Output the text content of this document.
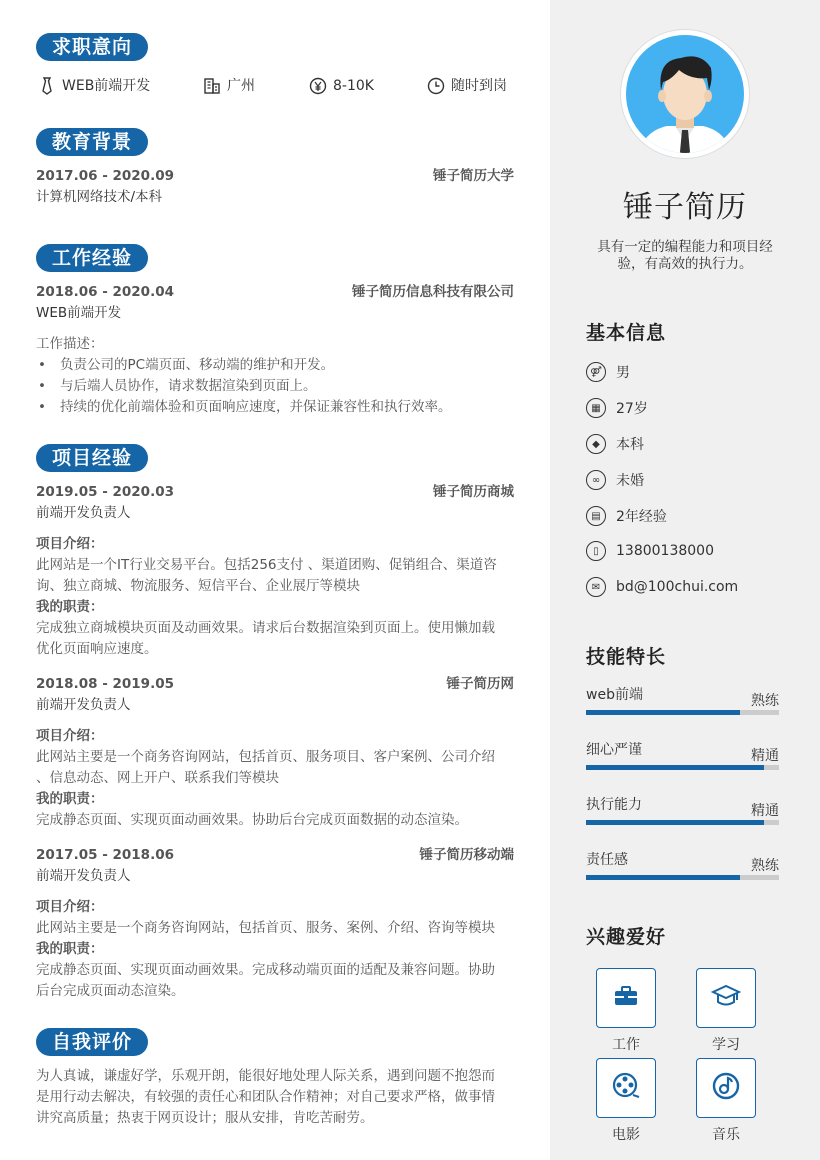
求职意向
WEB前端开发	广州	8-10K	随时到岗
教育背景
2017.06 - 2020.09	锤子简历大学
计算机网络技术/本科
工作经验
2018.06 - 2020.04	锤子简历信息科技有限公司
WEB前端开发
工作描述：
• 负责公司的PC端页面、移动端的维护和开发。
• 与后端人员协作，请求数据渲染到页面上。
• 持续的优化前端体验和页面响应速度，并保证兼容性和执行效率。
项目经验
2019.05 - 2020.03	锤子简历商城
前端开发负责人
项目介绍：
此网站是一个IT行业交易平台。包括256支付 、渠道团购、促销组合、渠道咨
询、独立商城、物流服务、短信平台、企业展厅等模块
我的职责：
完成独立商城模块页面及动画效果。请求后台数据渲染到页面上。使用懒加载
优化页面响应速度。
2018.08 - 2019.05	锤子简历网
前端开发负责人
项目介绍：
此网站主要是一个商务咨询网站，包括首页、服务项目、客户案例、公司介绍
、信息动态、网上开户、联系我们等模块
我的职责：
完成静态页面、实现页面动画效果。协助后台完成页面数据的动态渲染。
2017.05 - 2018.06	锤子简历移动端
前端开发负责人
项目介绍：
此网站主要是一个商务咨询网站，包括首页、服务、案例、介绍、咨询等模块
我的职责：
完成静态页面、实现页面动画效果。完成移动端页面的适配及兼容问题。协助
后台完成页面动态渲染。
自我评价
为人真诚，谦虚好学，乐观开朗，能很好地处理人际关系，遇到问题不抱怨而
是用行动去解决，有较强的责任心和团队合作精神；对自己要求严格，做事情
讲究高质量；热衷于网页设计；服从安排，肯吃苦耐劳。
锤子简历
具有一定的编程能力和项目经
验，有高效的执行力。
基本信息
⚤ 男
▦	27岁
◆	本科
∞	未婚
▤	2年经验
▯	13800138000
✉	bd@100chui.com
技能特长
web前端	熟练
细心严谨	精通
执行能力	精通
责任感	熟练
兴趣爱好
工作	学习
电影	音乐
